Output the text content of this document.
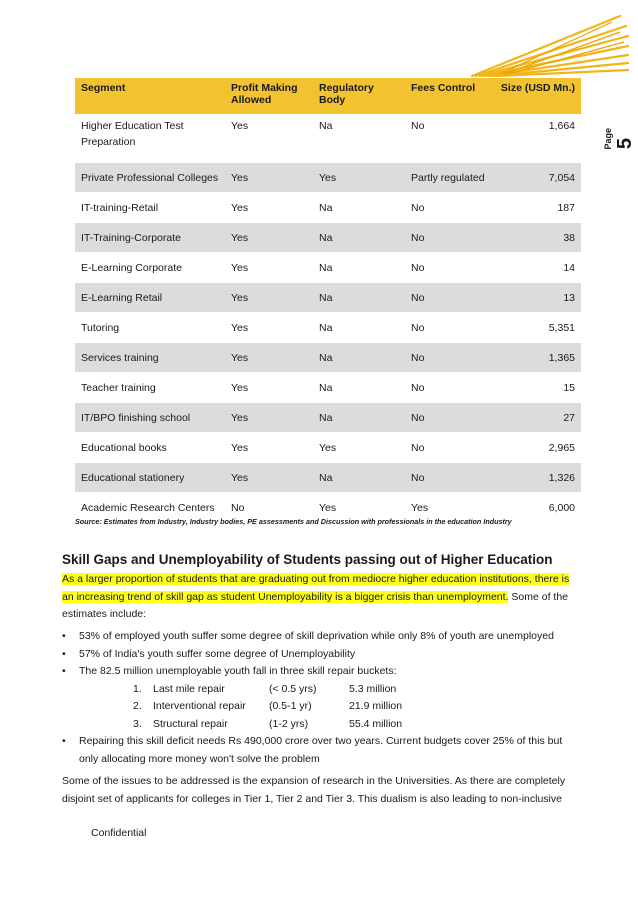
Page 5
Segment	Profit Making Allowed	Regulatory Body	Fees Control	Size (USD Mn.)
Higher Education Test Preparation	Yes	Na	No	1,664
Private Professional Colleges	Yes	Yes	Partly regulated	7,054
IT-training-Retail	Yes	Na	No	187
IT-Training-Corporate	Yes	Na	No	38
E-Learning Corporate	Yes	Na	No	14
E-Learning Retail	Yes	Na	No	13
Tutoring	Yes	Na	No	5,351
Services training	Yes	Na	No	1,365
Teacher training	Yes	Na	No	15
IT/BPO finishing school	Yes	Na	No	27
Educational books	Yes	Yes	No	2,965
Educational stationery	Yes	Na	No	1,326
Academic Research Centers	No	Yes	Yes	6,000
Source: Estimates from Industry, Industry bodies, PE assessments and Discussion with professionals in the education Industry
Skill Gaps and Unemployability of Students passing out of Higher Education
As a larger proportion of students that are graduating out from mediocre higher education institutions, there is an increasing trend of skill gap as student Unemployability is a bigger crisis than unemployment. Some of the estimates include:
• 53% of employed youth suffer some degree of skill deprivation while only 8% of youth are unemployed
• 57% of India's youth suffer some degree of Unemployability
• The 82.5 million unemployable youth fall in three skill repair buckets:
1.	Last mile repair	(< 0.5 yrs)	5.3 million
2.	Interventional repair	(0.5-1 yr)	21.9 million
3.	Structural repair	(1-2 yrs)	55.4 million
• Repairing this skill deficit needs Rs 490,000 crore over two years. Current budgets cover 25% of this but only allocating more money won't solve the problem
Some of the issues to be addressed is the expansion of research in the Universities. As there are completely disjoint set of applicants for colleges in Tier 1, Tier 2 and Tier 3. This dualism is also leading to non-inclusive
Confidential
